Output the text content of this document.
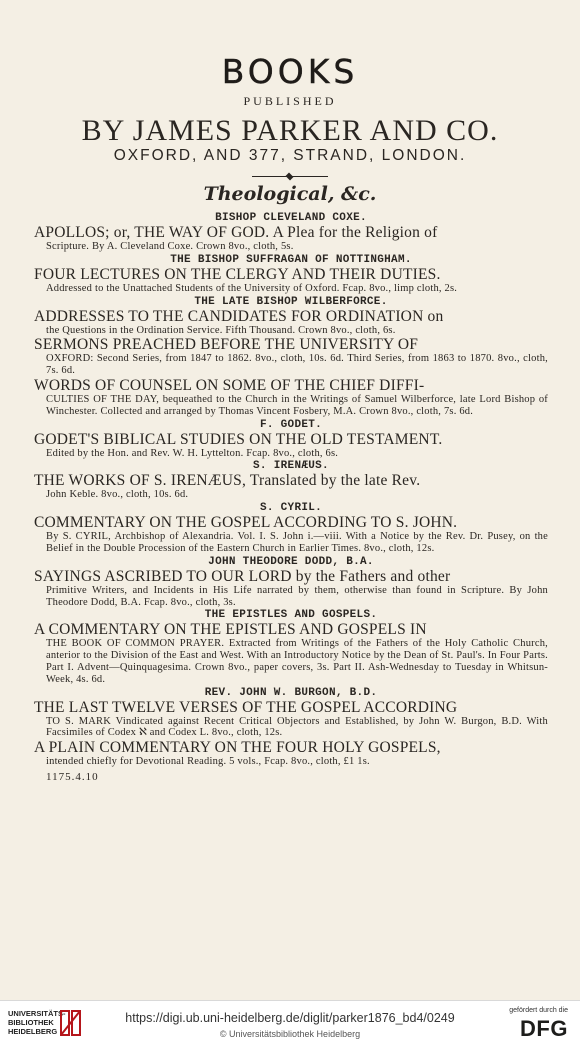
BOOKS
PUBLISHED
BY JAMES PARKER AND CO.
OXFORD, AND 377, STRAND, LONDON.
Theological, &c.
BISHOP CLEVELAND COXE.
APOLLOS; or, THE WAY OF GOD. A Plea for the Religion of
Scripture. By A. Cleveland Coxe. Crown 8vo., cloth, 5s.
THE BISHOP SUFFRAGAN OF NOTTINGHAM.
FOUR LECTURES ON THE CLERGY AND THEIR DUTIES.
Addressed to the Unattached Students of the University of Oxford. Fcap. 8vo., limp cloth, 2s.
THE LATE BISHOP WILBERFORCE.
ADDRESSES TO THE CANDIDATES FOR ORDINATION on
the Questions in the Ordination Service. Fifth Thousand. Crown 8vo., cloth, 6s.
SERMONS PREACHED BEFORE THE UNIVERSITY OF
OXFORD: Second Series, from 1847 to 1862. 8vo., cloth, 10s. 6d. Third Series, from 1863 to 1870. 8vo., cloth, 7s. 6d.
WORDS OF COUNSEL ON SOME OF THE CHIEF DIFFI-
CULTIES OF THE DAY, bequeathed to the Church in the Writings of Samuel Wilberforce, late Lord Bishop of Winchester. Collected and arranged by Thomas Vincent Fosbery, M.A. Crown 8vo., cloth, 7s. 6d.
F. GODET.
GODET'S BIBLICAL STUDIES ON THE OLD TESTAMENT.
Edited by the Hon. and Rev. W. H. Lyttelton. Fcap. 8vo., cloth, 6s.
S. IRENÆUS.
THE WORKS OF S. IRENÆUS, Translated by the late Rev.
John Keble. 8vo., cloth, 10s. 6d.
S. CYRIL.
COMMENTARY ON THE GOSPEL ACCORDING TO S. JOHN.
By S. CYRIL, Archbishop of Alexandria. Vol. I. S. John i.—viii. With a Notice by the Rev. Dr. Pusey, on the Belief in the Double Procession of the Eastern Church in Earlier Times. 8vo., cloth, 12s.
JOHN THEODORE DODD, B.A.
SAYINGS ASCRIBED TO OUR LORD by the Fathers and other
Primitive Writers, and Incidents in His Life narrated by them, otherwise than found in Scripture. By John Theodore Dodd, B.A. Fcap. 8vo., cloth, 3s.
THE EPISTLES AND GOSPELS.
A COMMENTARY ON THE EPISTLES AND GOSPELS IN
THE BOOK OF COMMON PRAYER. Extracted from Writings of the Fathers of the Holy Catholic Church, anterior to the Division of the East and West. With an Introductory Notice by the Dean of St. Paul's. In Four Parts. Part I. Advent—Quinquagesima. Crown 8vo., paper covers, 3s. Part II. Ash-Wednesday to Tuesday in Whitsun-Week, 4s. 6d.
REV. JOHN W. BURGON, B.D.
THE LAST TWELVE VERSES OF THE GOSPEL ACCORDING
TO S. MARK Vindicated against Recent Critical Objectors and Established, by John W. Burgon, B.D. With Facsimiles of Codex ℵ and Codex L. 8vo., cloth, 12s.
A PLAIN COMMENTARY ON THE FOUR HOLY GOSPELS,
intended chiefly for Devotional Reading. 5 vols., Fcap. 8vo., cloth, £1 1s.
1175.4.10
UNIVERSITÄTS-BIBLIOTHEK HEIDELBERG
https://digi.ub.uni-heidelberg.de/diglit/parker1876_bd4/0249
© Universitätsbibliothek Heidelberg
gefördert durch die
DFG
